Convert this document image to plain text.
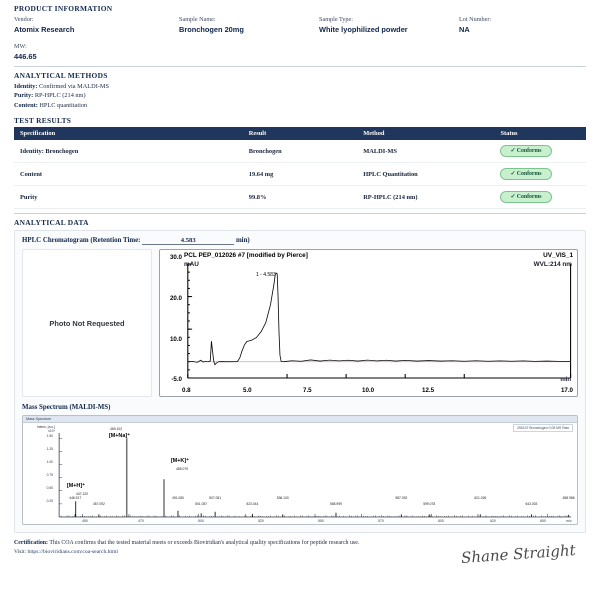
PRODUCT INFORMATION
Vendor:
Atomix Research
Sample Name:
Bronchogen 20mg
Sample Type:
White lyophilized powder
Lot Number:
NA
MW:
446.65
ANALYTICAL METHODS
Identity: Confirmed via MALDI-MS
Purity: RP-HPLC (214 nm)
Content: HPLC quantitation
TEST RESULTS
Specification	Result	Method	Status
Identity: Bronchogen	Bronchogen	MALDI-MS	✓ Conforms
Content	19.64 mg	HPLC Quantitation	✓ Conforms
Purity	99.8%	RP-HPLC (214 nm)	✓ Conforms
ANALYTICAL DATA
HPLC Chromatogram (Retention Time:	4.583	min)
Photo Not Requested
PCL PEP_012026 #7 [modified by Pierce]	UV_VIS_1
mAU	WVL:214 nm
1 - 4.583
30.0
20.0
10.0
-5.0
0.8	5.0	7.5	10.0	12.5	17.0
min
Mass Spectrum (MALDI-MS)
Mass Spectrum
250107 Bronchogen 0.05 MS Raw
Intens. [a.u.]
x10⁴
1.50
1.25
1.00
0.75
0.50
0.25
[M+Na]⁺
469.103
[M+K]⁺
485.079
[M+H]⁺
447.120
450	470	500	520	550	570	600	620	650	m/z
446.917
457.092
491.080
501.057
507.051
523.044
536.100
558.999
587.092
599.078
621.026
643.003
658.986
Certification: This COA confirms that the tested material meets or exceeds Bioviridian's analytical quality specifications for peptide research use.
Visit: https://bioviridians.com/coa-search.html	Shane Straight
